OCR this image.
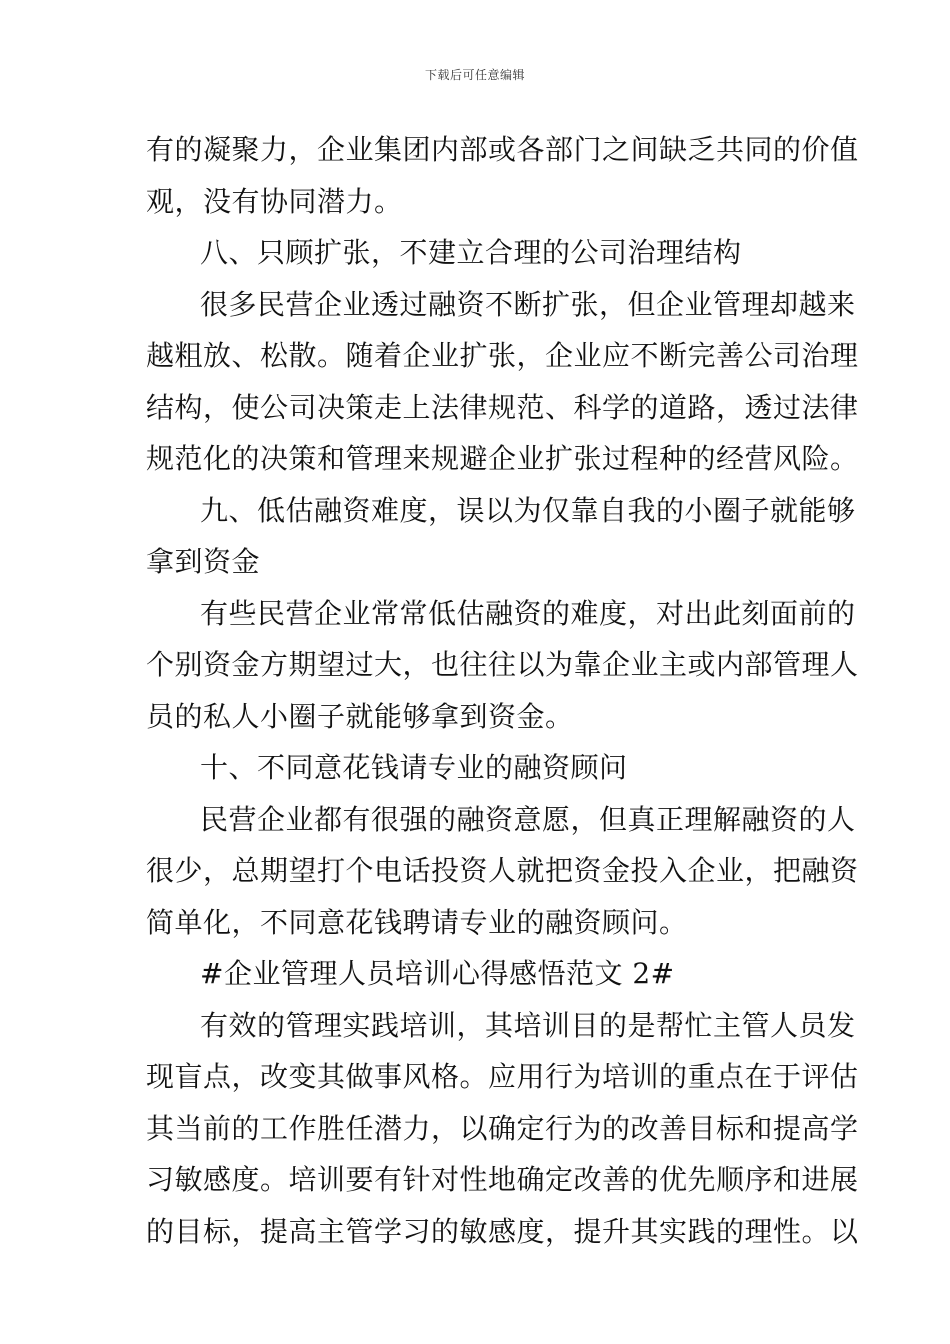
下载后可任意编辑
有的凝聚力，企业集团内部或各部门之间缺乏共同的价值
观，没有协同潜力。
八、只顾扩张，不建立合理的公司治理结构
很多民营企业透过融资不断扩张，但企业管理却越来
越粗放、松散。随着企业扩张，企业应不断完善公司治理
结构，使公司决策走上法律规范、科学的道路，透过法律
规范化的决策和管理来规避企业扩张过程种的经营风险。
九、低估融资难度，误以为仅靠自我的小圈子就能够
拿到资金
有些民营企业常常低估融资的难度，对出此刻面前的
个别资金方期望过大，也往往以为靠企业主或内部管理人
员的私人小圈子就能够拿到资金。
十、不同意花钱请专业的融资顾问
民营企业都有很强的融资意愿，但真正理解融资的人
很少，总期望打个电话投资人就把资金投入企业，把融资
简单化，不同意花钱聘请专业的融资顾问。
#企业管理人员培训心得感悟范文 2#
有效的管理实践培训，其培训目的是帮忙主管人员发
现盲点，改变其做事风格。应用行为培训的重点在于评估
其当前的工作胜任潜力，以确定行为的改善目标和提高学
习敏感度。培训要有针对性地确定改善的优先顺序和进展
的目标，提高主管学习的敏感度，提升其实践的理性。以
